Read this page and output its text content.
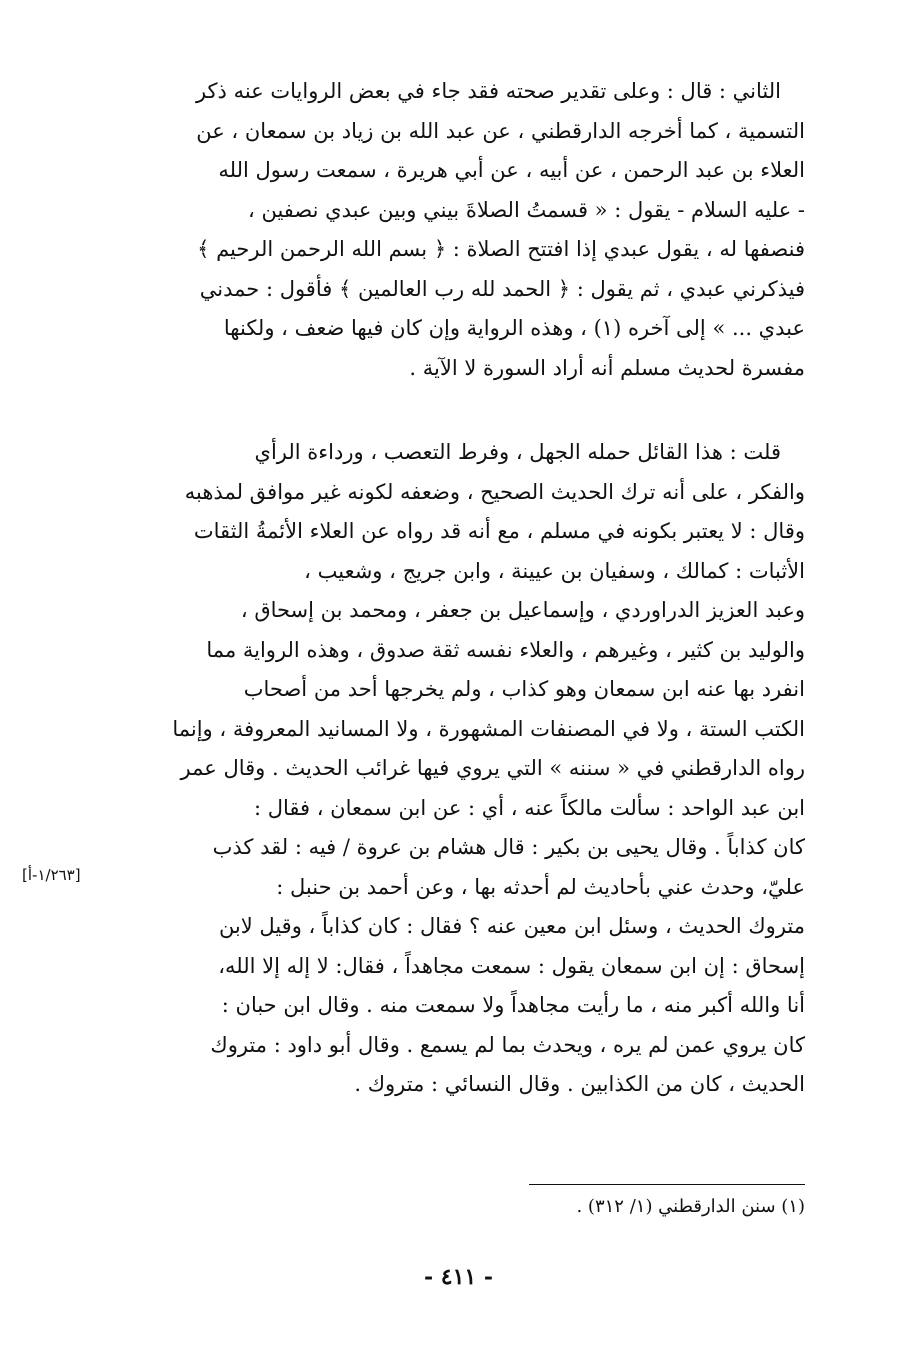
الثاني : قال : وعلى تقدير صحته فقد جاء في بعض الروايات عنه ذكر
التسمية ، كما أخرجه الدارقطني ، عن عبد الله بن زياد بن سمعان ، عن
العلاء بن عبد الرحمن ، عن أبيه ، عن أبي هريرة ، سمعت رسول الله
- عليه السلام - يقول : « قسمتُ الصلاةَ بيني وبين عبدي نصفين ،
فنصفها له ، يقول عبدي إذا افتتح الصلاة : ﴿ بسم الله الرحمن الرحيم ﴾
فيذكرني عبدي ، ثم يقول : ﴿ الحمد لله رب العالمين ﴾ فأقول : حمدني
عبدي ... » إلى آخره (١) ، وهذه الرواية وإن كان فيها ضعف ، ولكنها
مفسرة لحديث مسلم أنه أراد السورة لا الآية .
قلت : هذا القائل حمله الجهل ، وفرط التعصب ، ورداءة الرأي
والفكر ، على أنه ترك الحديث الصحيح ، وضعفه لكونه غير موافق لمذهبه
وقال : لا يعتبر بكونه في مسلم ، مع أنه قد رواه عن العلاء الأئمةُ الثقات
الأثبات : كمالك ، وسفيان بن عيينة ، وابن جريج ، وشعيب ،
وعبد العزيز الدراوردي ، وإسماعيل بن جعفر ، ومحمد بن إسحاق ،
والوليد بن كثير ، وغيرهم ، والعلاء نفسه ثقة صدوق ، وهذه الرواية مما
انفرد بها عنه ابن سمعان وهو كذاب ، ولم يخرجها أحد من أصحاب
الكتب الستة ، ولا في المصنفات المشهورة ، ولا المسانيد المعروفة ، وإنما
رواه الدارقطني في « سننه » التي يروي فيها غرائب الحديث . وقال عمر
ابن عبد الواحد : سألت مالكاً عنه ، أي : عن ابن سمعان ، فقال :
كان كذاباً . وقال يحيى بن بكير : قال هشام بن عروة / فيه : لقد كذب
عليّ، وحدث عني بأحاديث لم أحدثه بها ، وعن أحمد بن حنبل :
متروك الحديث ، وسئل ابن معين عنه ؟ فقال : كان كذاباً ، وقيل لابن
إسحاق : إن ابن سمعان يقول : سمعت مجاهداً ، فقال: لا إله إلا الله،
أنا والله أكبر منه ، ما رأيت مجاهداً ولا سمعت منه . وقال ابن حبان :
كان يروي عمن لم يره ، ويحدث بما لم يسمع . وقال أبو داود : متروك
الحديث ، كان من الكذابين . وقال النسائي : متروك .
[١/٢٦٣-أ]
(١) سنن الدارقطني (١/ ٣١٢) .
- ٤١١ -
